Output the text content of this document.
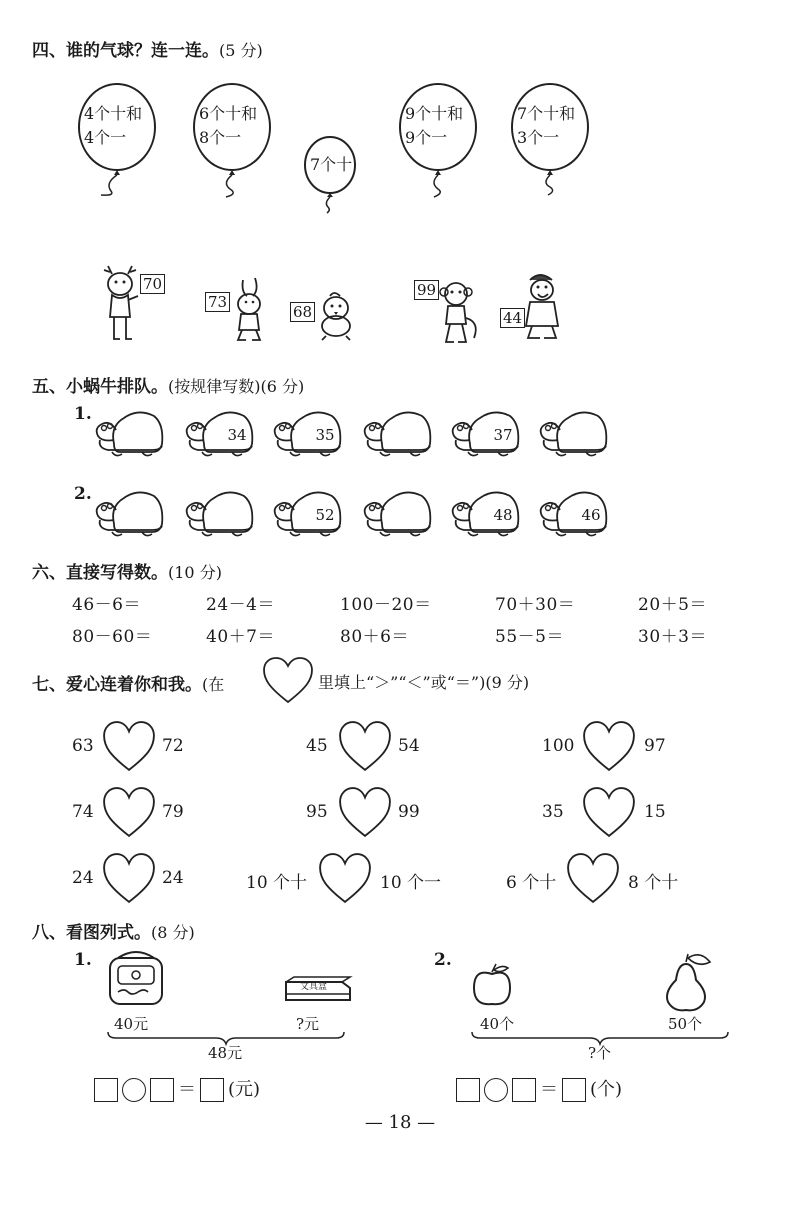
四、谁的气球？连一连。(5 分)
4个十和
4个一
6个十和
8个一
7个十
9个十和
9个一
7个十和
3个一
70
73
68
99
44
五、小蜗牛排队。(按规律写数)(6 分)
1.
2.
34	35	37
52	48	46
六、直接写得数。(10 分)
46－6＝	24－4＝	100－20＝	70＋30＝	20＋5＝
80－60＝	40＋7＝	80＋6＝	55－5＝	30＋3＝
七、爱心连着你和我。(在	里填上“＞”“＜”或“＝”)(9 分)
63	72	45	54	100	97
74	79	95	99	35	15
24	24	10 个十	10 个一	6 个十	8 个十
八、看图列式。(8 分)
1.
文具盒
40元	?元
48元
＝ (元)
2.
40个	50个
?个
＝ (个)
— 18 —
